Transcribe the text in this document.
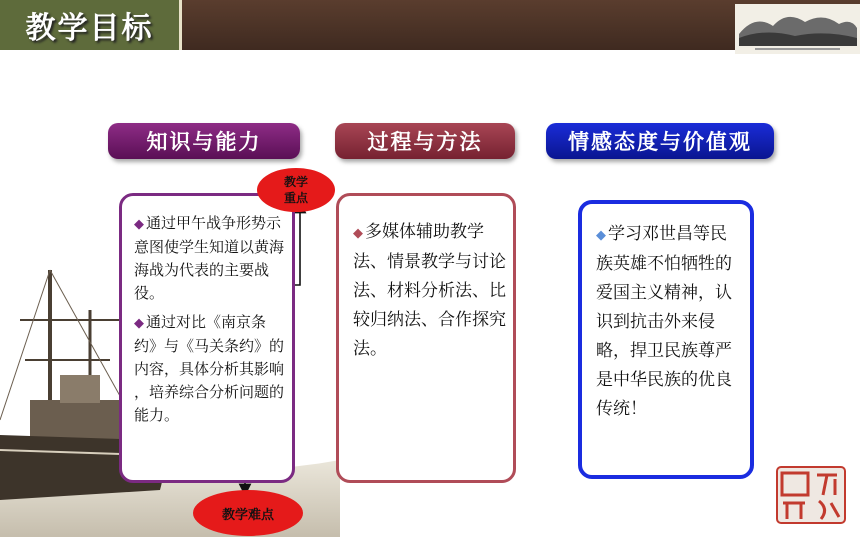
教学目标
知识与能力	过程与方法	情感态度与价值观
◆ 通过甲午战争形势示意图使学生知道以黄海海战为代表的主要战役。
◆ 通过对比《南京条约》与《马关条约》的内容，具体分析其影响 ，培养综合分析问题的能力。
◆ 多媒体辅助教学法、情景教学与讨论法、材料分析法、比较归纳法、合作探究法。
◆ 学习邓世昌等民族英雄不怕牺牲的爱国主义精神，认识到抗击外来侵略，捍卫民族尊严是中华民族的优良传统！
教学重点
教学难点
